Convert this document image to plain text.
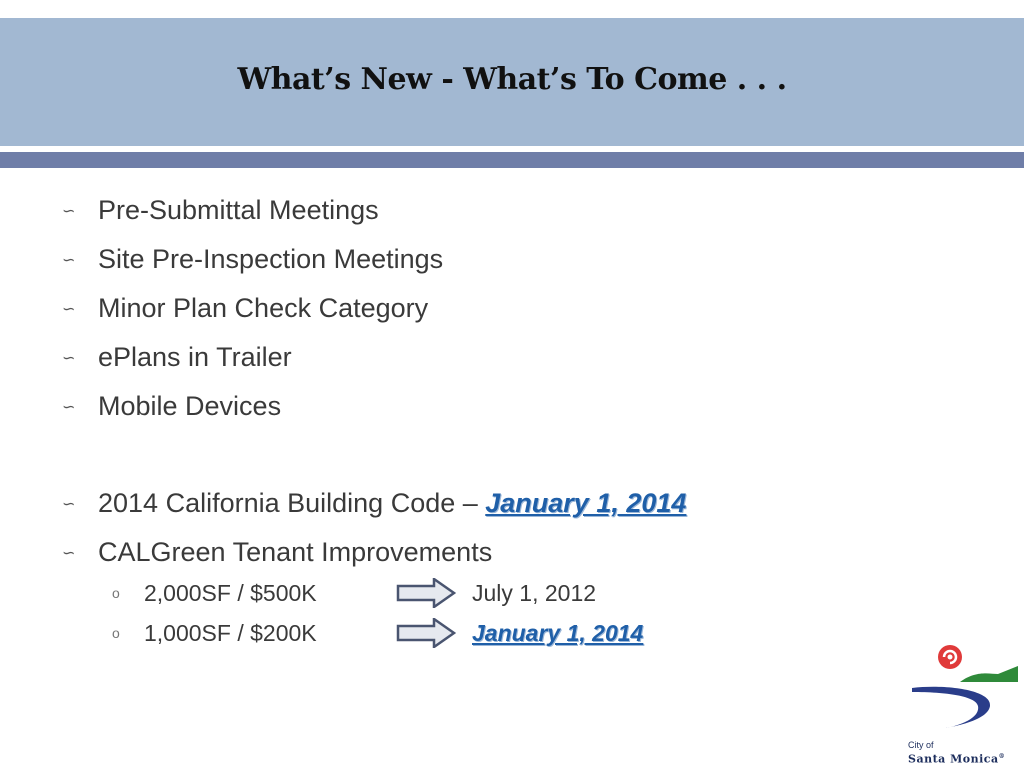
What’s New - What’s To Come . . .
∽ Pre-Submittal Meetings
∽ Site Pre-Inspection Meetings
∽ Minor Plan Check Category
∽ ePlans in Trailer
∽ Mobile Devices
∽ 2014 California Building Code – January 1, 2014
∽ CALGreen Tenant Improvements
o	2,000SF / $500K	July 1, 2012
o	1,000SF / $200K	January 1, 2014
City of
Santa Monica®
